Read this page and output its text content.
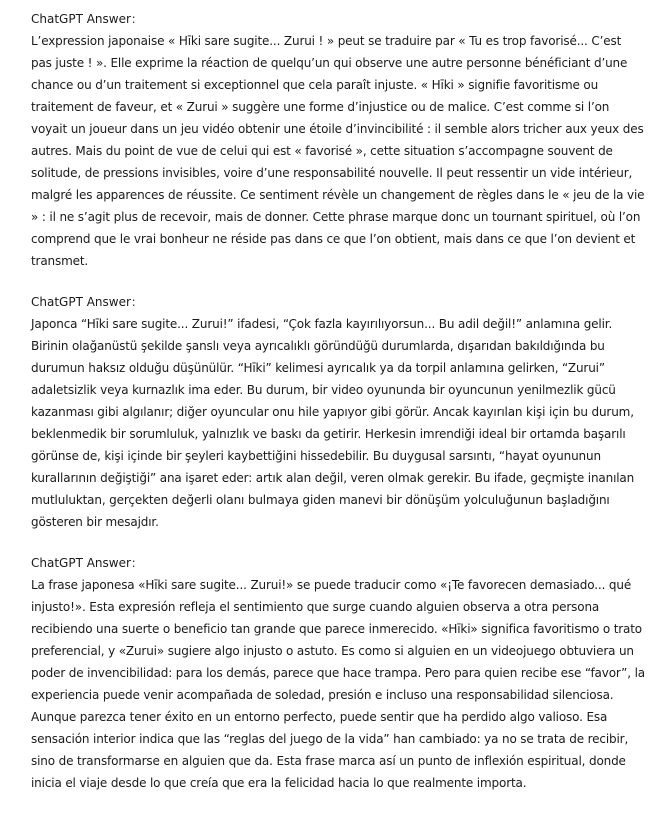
ChatGPT Answer：

L’expression japonaise « Hīki sare sugite... Zurui ! » peut se traduire par « Tu es trop favorisé... C’est pas juste ! ». Elle exprime la réaction de quelqu’un qui observe une autre personne bénéficiant d’une chance ou d’un traitement si exceptionnel que cela paraît injuste. « Hīki » signifie favoritisme ou traitement de faveur, et « Zurui » suggère une forme d’injustice ou de malice. C’est comme si l’on voyait un joueur dans un jeu vidéo obtenir une étoile d’invincibilité : il semble alors tricher aux yeux des autres. Mais du point de vue de celui qui est « favorisé », cette situation s’accompagne souvent de solitude, de pressions invisibles, voire d’une responsabilité nouvelle. Il peut ressentir un vide intérieur, malgré les apparences de réussite. Ce sentiment révèle un changement de règles dans le « jeu de la vie » : il ne s’agit plus de recevoir, mais de donner. Cette phrase marque donc un tournant spirituel, où l’on comprend que le vrai bonheur ne réside pas dans ce que l’on obtient, mais dans ce que l’on devient et transmet.

ChatGPT Answer：

Japonca “Hīki sare sugite... Zurui!” ifadesi, “Çok fazla kayırılıyorsun... Bu adil değil!” anlamına gelir. Birinin olağanüstü şekilde şanslı veya ayrıcalıklı göründüğü durumlarda, dışarıdan bakıldığında bu durumun haksız olduğu düşünülür. “Hīki” kelimesi ayrıcalık ya da torpil anlamına gelirken, “Zurui” adaletsizlik veya kurnazlık ima eder. Bu durum, bir video oyununda bir oyuncunun yenilmezlik gücü kazanması gibi algılanır; diğer oyuncular onu hile yapıyor gibi görür. Ancak kayırılan kişi için bu durum, beklenmedik bir sorumluluk, yalnızlık ve baskı da getirir. Herkesin imrendiği ideal bir ortamda başarılı görünse de, kişi içinde bir şeyleri kaybettiğini hissedebilir. Bu duygusal sarsıntı, “hayat oyununun kurallarının değiştiği” ana işaret eder: artık alan değil, veren olmak gerekir. Bu ifade, geçmişte inanılan mutluluktan, gerçekten değerli olanı bulmaya giden manevi bir dönüşüm yolculuğunun başladığını gösteren bir mesajdır.

ChatGPT Answer：

La frase japonesa «Hīki sare sugite... Zurui!» se puede traducir como «¡Te favorecen demasiado... qué injusto!». Esta expresión refleja el sentimiento que surge cuando alguien observa a otra persona recibiendo una suerte o beneficio tan grande que parece inmerecido. «Hīki» significa favoritismo o trato preferencial, y «Zurui» sugiere algo injusto o astuto. Es como si alguien en un videojuego obtuviera un poder de invencibilidad: para los demás, parece que hace trampa. Pero para quien recibe ese “favor”, la experiencia puede venir acompañada de soledad, presión e incluso una responsabilidad silenciosa. Aunque parezca tener éxito en un entorno perfecto, puede sentir que ha perdido algo valioso. Esa sensación interior indica que las “reglas del juego de la vida” han cambiado: ya no se trata de recibir, sino de transformarse en alguien que da. Esta frase marca así un punto de inflexión espiritual, donde inicia el viaje desde lo que creía que era la felicidad hacia lo que realmente importa.
